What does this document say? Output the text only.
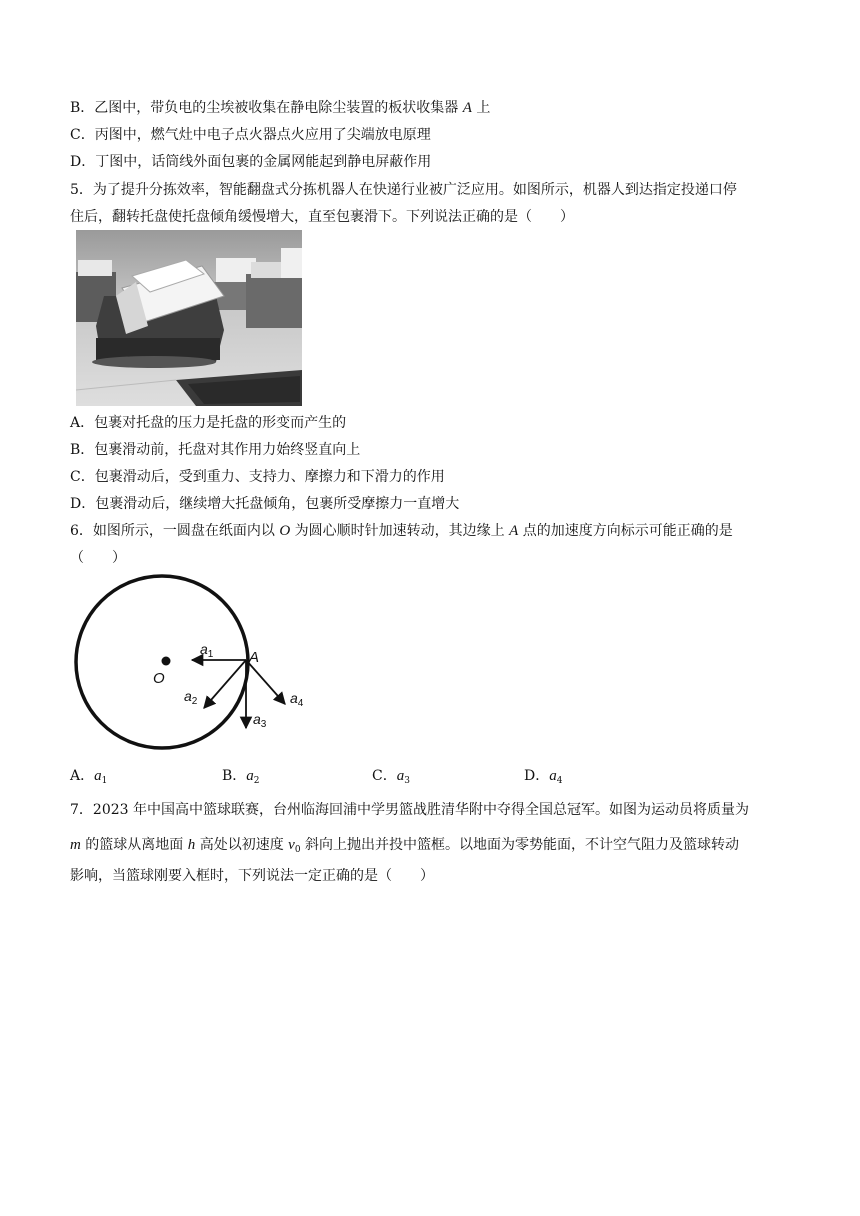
B．乙图中，带负电的尘埃被收集在静电除尘装置的板状收集器 A 上
C．丙图中，燃气灶中电子点火器点火应用了尖端放电原理
D．丁图中，话筒线外面包裹的金属网能起到静电屏蔽作用
5．为了提升分拣效率，智能翻盘式分拣机器人在快递行业被广泛应用。如图所示，机器人到达指定投递口停
住后，翻转托盘使托盘倾角缓慢增大，直至包裹滑下。下列说法正确的是（　　）
A．包裹对托盘的压力是托盘的形变而产生的
B．包裹滑动前，托盘对其作用力始终竖直向上
C．包裹滑动后，受到重力、支持力、摩擦力和下滑力的作用
D．包裹滑动后，继续增大托盘倾角，包裹所受摩擦力一直增大
6．如图所示，一圆盘在纸面内以 O 为圆心顺时针加速转动，其边缘上 A 点的加速度方向标示可能正确的是
（　　）
O
A
$a_1$
$a_2$
$a_3$
$a_4$
A．$a_1$	B．$a_2$	C．$a_3$	D．$a_4$
7．2023 年中国高中篮球联赛，台州临海回浦中学男篮战胜清华附中夺得全国总冠军。如图为运动员将质量为
m 的篮球从离地面 h 高处以初速度 $v_0$ 斜向上抛出并投中篮框。以地面为零势能面，不计空气阻力及篮球转动
影响，当篮球刚要入框时，下列说法一定正确的是（　　）
